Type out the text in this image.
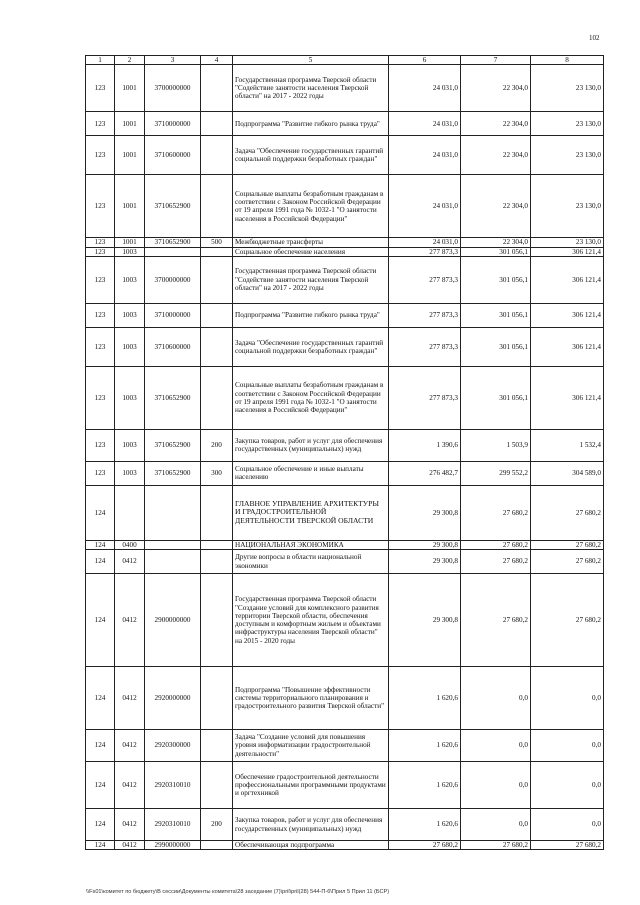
102
1	2	3	4	5	6	7	8
123	1001	3700000000		Государственная программа Тверской области "Содействие занятости населения Тверской области" на 2017 - 2022 годы	24 031,0	22 304,0	23 130,0
123	1001	3710000000		Подпрограмма "Развитие гибкого рынка труда"	24 031,0	22 304,0	23 130,0
123	1001	3710600000		Задача "Обеспечение государственных гарантий социальной поддержки безработных граждан"	24 031,0	22 304,0	23 130,0
123	1001	3710652900		Социальные выплаты безработным гражданам в соответствии с Законом Российской Федерации от 19 апреля 1991 года № 1032-1 "О занятости населения в Российской Федерации"	24 031,0	22 304,0	23 130,0
123	1001	3710652900	500	Межбюджетные трансферты	24 031,0	22 304,0	23 130,0
123	1003			Социальное обеспечение населения	277 873,3	301 056,1	306 121,4
123	1003	3700000000		Государственная программа Тверской области "Содействие занятости населения Тверской области" на 2017 - 2022 годы	277 873,3	301 056,1	306 121,4
123	1003	3710000000		Подпрограмма "Развитие гибкого рынка труда"	277 873,3	301 056,1	306 121,4
123	1003	3710600000		Задача "Обеспечение государственных гарантий социальной поддержки безработных граждан"	277 873,3	301 056,1	306 121,4
123	1003	3710652900		Социальные выплаты безработным гражданам в соответствии с Законом Российской Федерации от 19 апреля 1991 года № 1032-1 "О занятости населения в Российской Федерации"	277 873,3	301 056,1	306 121,4
123	1003	3710652900	200	Закупка товаров, работ и услуг для обеспечения государственных (муниципальных) нужд	1 390,6	1 503,9	1 532,4
123	1003	3710652900	300	Социальное обеспечение и иные выплаты населению	276 482,7	299 552,2	304 589,0
124				ГЛАВНОЕ УПРАВЛЕНИЕ АРХИТЕКТУРЫ И ГРАДОСТРОИТЕЛЬНОЙ ДЕЯТЕЛЬНОСТИ ТВЕРСКОЙ ОБЛАСТИ	29 300,8	27 680,2	27 680,2
124	0400			НАЦИОНАЛЬНАЯ ЭКОНОМИКА	29 300,8	27 680,2	27 680,2
124	0412			Другие вопросы в области национальной экономики	29 300,8	27 680,2	27 680,2
124	0412	2900000000		Государственная программа Тверской области "Создание условий для комплексного развития территории Тверской области, обеспечения доступным и комфортным жильем и объектами инфраструктуры населения Тверской области" на 2015 - 2020 годы	29 300,8	27 680,2	27 680,2
124	0412	2920000000		Подпрограмма "Повышение эффективности системы территориального планирования и градостроительного развития Тверской области"	1 620,6	0,0	0,0
124	0412	2920300000		Задача "Создание условий для повышения уровня информатизации градостроительной деятельности"	1 620,6	0,0	0,0
124	0412	2920310010		Обеспечение градостроительной деятельности профессиональными программными продуктами и оргтехникой	1 620,6	0,0	0,0
124	0412	2920310010	200	Закупка товаров, работ и услуг для обеспечения государственных (муниципальных) нужд	1 620,6	0,0	0,0
124	0412	2990000000		Обеспечивающая подпрограмма	27 680,2	27 680,2	27 680,2
\\Fs01\комитет по бюджету\В сессии\Документы комитета\28 заседание (7)\pril\pril(28) 544-П-6\Прил 5 Прил 11 (БСР)
